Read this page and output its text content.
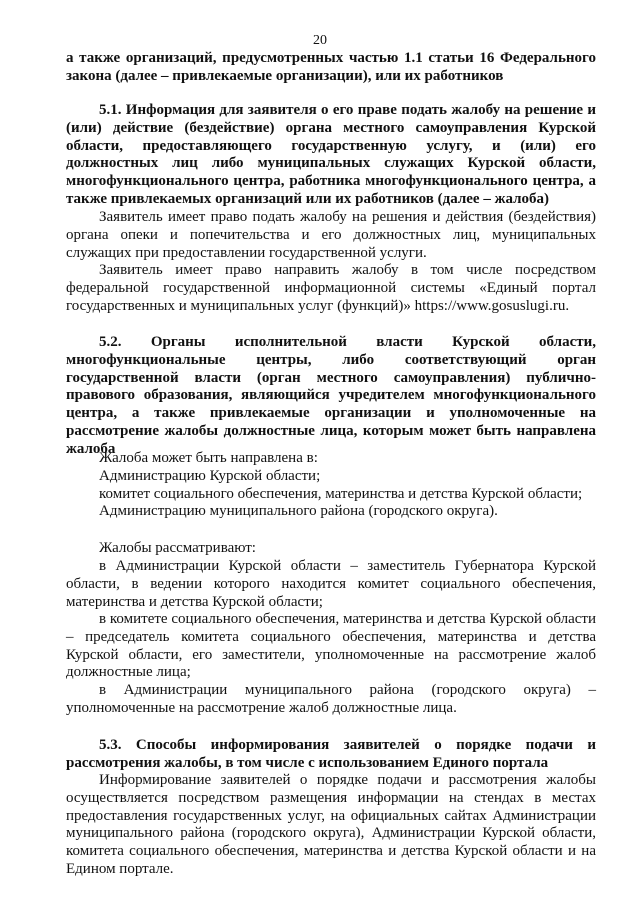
20

а также организаций, предусмотренных частью 1.1 статьи 16 Федерального закона (далее – привлекаемые организации), или их работников

5.1. Информация для заявителя о его праве подать жалобу на решение и (или) действие (бездействие) органа местного самоуправления Курской области, предоставляющего государственную услугу, и (или) его должностных лиц либо муниципальных служащих Курской области, многофункционального центра, работника многофункционального центра, а также привлекаемых организаций или их работников (далее – жалоба)

Заявитель имеет право подать жалобу на решения и действия (бездействия) органа опеки и попечительства и его должностных лиц, муниципальных служащих при предоставлении государственной услуги.

Заявитель имеет право направить жалобу в том числе посредством федеральной государственной информационной системы «Единый портал государственных и муниципальных услуг (функций)» https://www.gosuslugi.ru.

5.2. Органы исполнительной власти Курской области, многофункциональные центры, либо соответствующий орган государственной власти (орган местного самоуправления) публично-правового образования, являющийся учредителем многофункционального центра, а также привлекаемые организации и уполномоченные на рассмотрение жалобы должностные лица, которым может быть направлена жалоба

Жалоба может быть направлена в:
Администрацию Курской области;
комитет социального обеспечения, материнства и детства Курской области;
Администрацию муниципального района (городского округа).
Жалобы рассматривают:

в Администрации Курской области – заместитель Губернатора Курской области, в ведении которого находится комитет социального обеспечения, материнства и детства Курской области;

в комитете социального обеспечения, материнства и детства Курской области – председатель комитета социального обеспечения, материнства и детства Курской области, его заместители, уполномоченные на рассмотрение жалоб должностные лица;

в Администрации муниципального района (городского округа) – уполномоченные на рассмотрение жалоб должностные лица.

5.3. Способы информирования заявителей о порядке подачи и рассмотрения жалобы, в том числе с использованием Единого портала

Информирование заявителей о порядке подачи и рассмотрения жалобы осуществляется посредством размещения информации на стендах в местах предоставления государственных услуг, на официальных сайтах Администрации муниципального района (городского округа), Администрации Курской области, комитета социального обеспечения, материнства и детства Курской области и на Едином портале.
